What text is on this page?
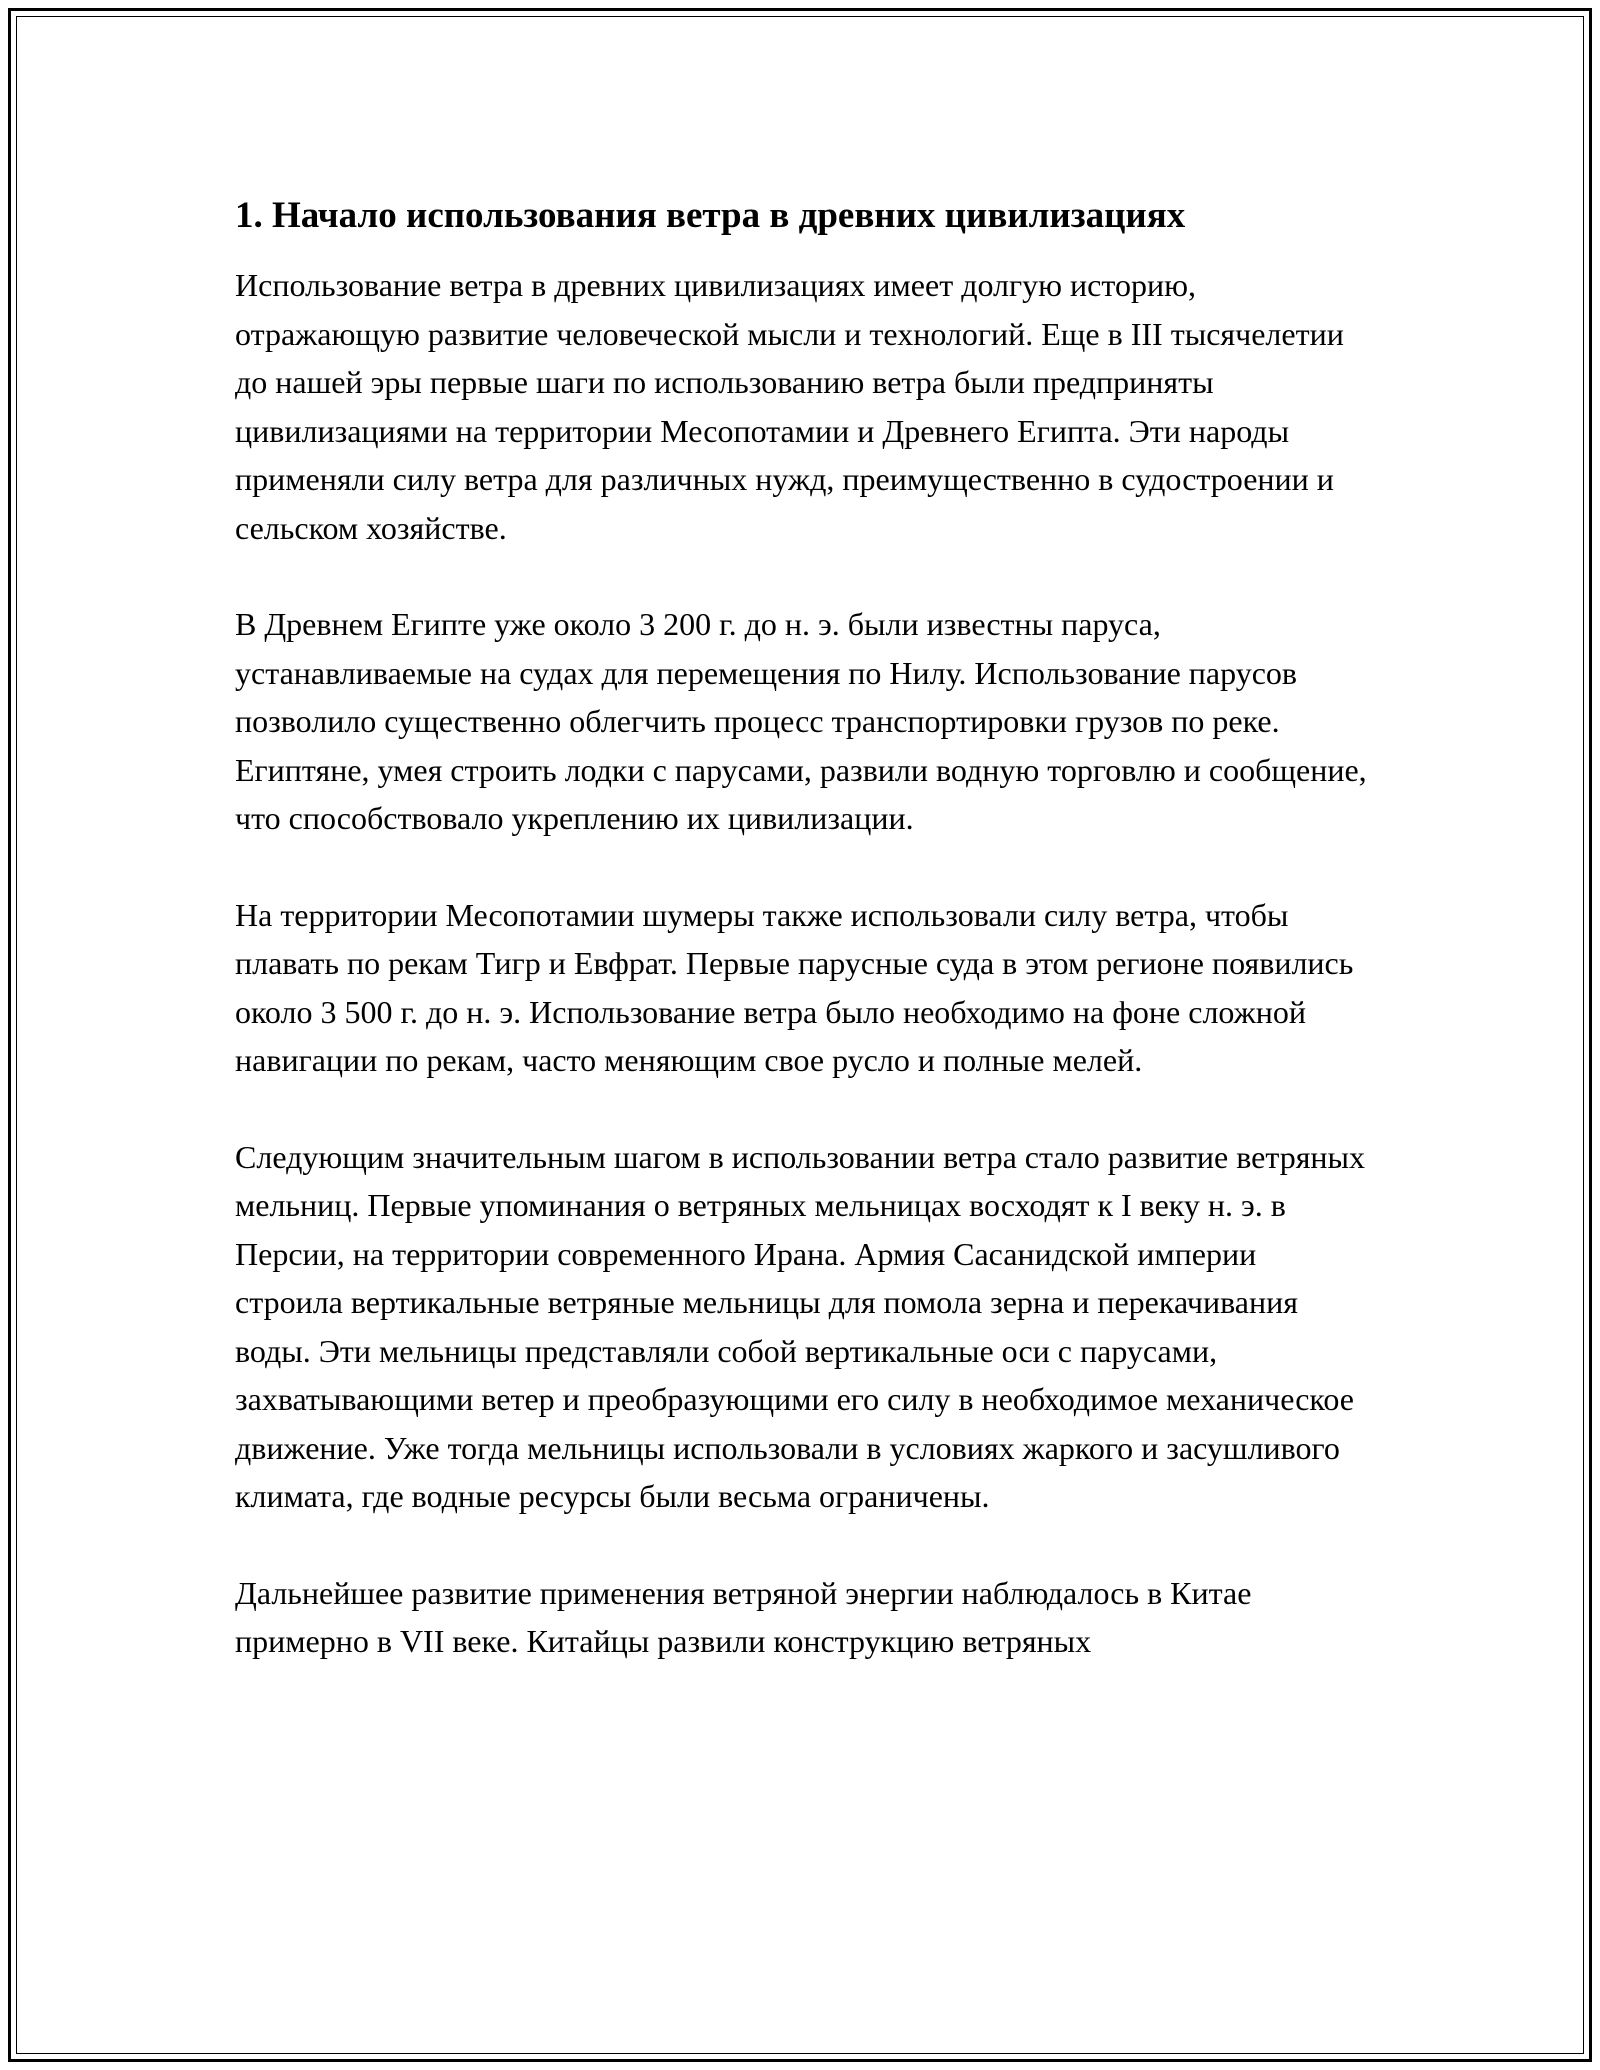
1. Начало использования ветра в древних цивилизациях

Использование ветра в древних цивилизациях имеет долгую историю, отражающую развитие человеческой мысли и технологий. Еще в III тысячелетии до нашей эры первые шаги по использованию ветра были предприняты цивилизациями на территории Месопотамии и Древнего Египта. Эти народы применяли силу ветра для различных нужд, преимущественно в судостроении и сельском хозяйстве.

В Древнем Египте уже около 3 200 г. до н. э. были известны паруса, устанавливаемые на судах для перемещения по Нилу. Использование парусов позволило существенно облегчить процесс транспортировки грузов по реке. Египтяне, умея строить лодки с парусами, развили водную торговлю и сообщение, что способствовало укреплению их цивилизации.

На территории Месопотамии шумеры также использовали силу ветра, чтобы плавать по рекам Тигр и Евфрат. Первые парусные суда в этом регионе появились около 3 500 г. до н. э. Использование ветра было необходимо на фоне сложной навигации по рекам, часто меняющим свое русло и полные мелей.

Следующим значительным шагом в использовании ветра стало развитие ветряных мельниц. Первые упоминания о ветряных мельницах восходят к I веку н. э. в Персии, на территории современного Ирана. Армия Сасанидской империи строила вертикальные ветряные мельницы для помола зерна и перекачивания воды. Эти мельницы представляли собой вертикальные оси с парусами, захватывающими ветер и преобразующими его силу в необходимое механическое движение. Уже тогда мельницы использовали в условиях жаркого и засушливого климата, где водные ресурсы были весьма ограничены.

Дальнейшее развитие применения ветряной энергии наблюдалось в Китае примерно в VII веке. Китайцы развили конструкцию ветряных
